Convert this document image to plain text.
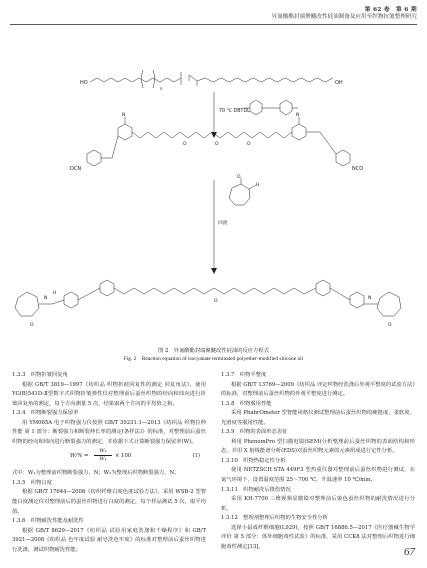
第 62 卷　第 6 期
异氰酸酯封端聚醚改性硅油制备及应用至织物抗皱整理研究
HO	OH
n
70 ℃ DBTDL
OCN	NCO
N	N
O	O	O
O
H
回流
O	O
N	N
H
O
图 2　异氰酸酯封端聚醚改性硅油的反应方程式
Fig. 2　Reaction equation of isocyanate terminated polyether-modified silicone oil

1.3.3　织物折皱回复角

根据 GB/T 3819—1997《纺织品 织物折痕回复性的测定 回复角法》，使用 YG(B)541D-Ⅱ型数字式织物折皱弹性仪对整理前后蚕丝织物的经向和纬向进行折皱回复角的测定，每个方向测量 5 次，结果取两个方向的平均值之和。

1.3.4　织物断裂强力保留率

用 YM065A 电子织物强力仪按照 GB/T 39231.1—2013《纺织品 织物拉伸性能 第 1 部分：断裂强力和断裂伸长率的测定(条样法)》的标准，对整理前后蚕丝织物的经向和纬向进行断裂强力的测定，并依据下式计算断裂强力保留率(W)。

W/% =
W₂
W₁	× 100	(1)

式中：W₁为整理前织物断裂强力，N；W₂为整理后织物断裂强力，N。

1.3.5　织物白度

根据 GB/T 17644—2008《纺织纤维白度色度试验方法》，采用 WSB-2 型智能白度测定仪对整理前后的蚕丝织物进行白度的测定，每个样品测试 5 次，取平均值。

1.3.6　织物耐洗性能及耐洗性

根据 GB/T 8629—2017《纺织品 试验用家庭洗涤和干燥程序》和 GB/T 3921—2008《纺织品 色牢度试验 耐皂洗色牢度》的标准对整理前后蚕丝织物进行洗涤，测试织物耐洗性能。

1.3.7　织物平整度

根据 GB/T 13769—2009《纺织品 评定织物经洗涤后外观平整度的试验方法》的标准，对整理前后蚕丝织物的外观平整度进行测定。

1.3.8　织物服用性能

采用 PhabrOmeter 型智能风格仪测试整理前后蚕丝织物的硬挺度、柔软度、光滑度等服用性能。

1.3.9　织物的表面形态表征

利用 PhenomPro 型扫描电镜(SEM)分析整理前后蚕丝织物的表面结构和形态，并用 X 射线能谱分析(EDS)对蚕丝织物元素的元素组成进行定性分析。

1.3.10　织物热稳定性分析

使用 NETZSCH STA 449F3 型热重仪器对整理前后蚕丝织物进行测试，在氮气环境下，设置温度范围 25～700 ℃，升温速率 10 ℃/min。

1.3.11　织物耐洗后摄伤情况

采用 KH-7700 三维视频显微镜对整理前后染色蚕丝织物的耐洗情况进行分析。

1.3.12　整理剂整理后织物的生物安全性分析

选择小鼠成纤维细胞(L929)，按照 GB/T 16886.5—2017《医疗器械生物学评价 第 5 部分：体外细胞毒性试验》的标准，采用 CCK8 法对整理后织物进行细胞毒性测定[13]。	67
